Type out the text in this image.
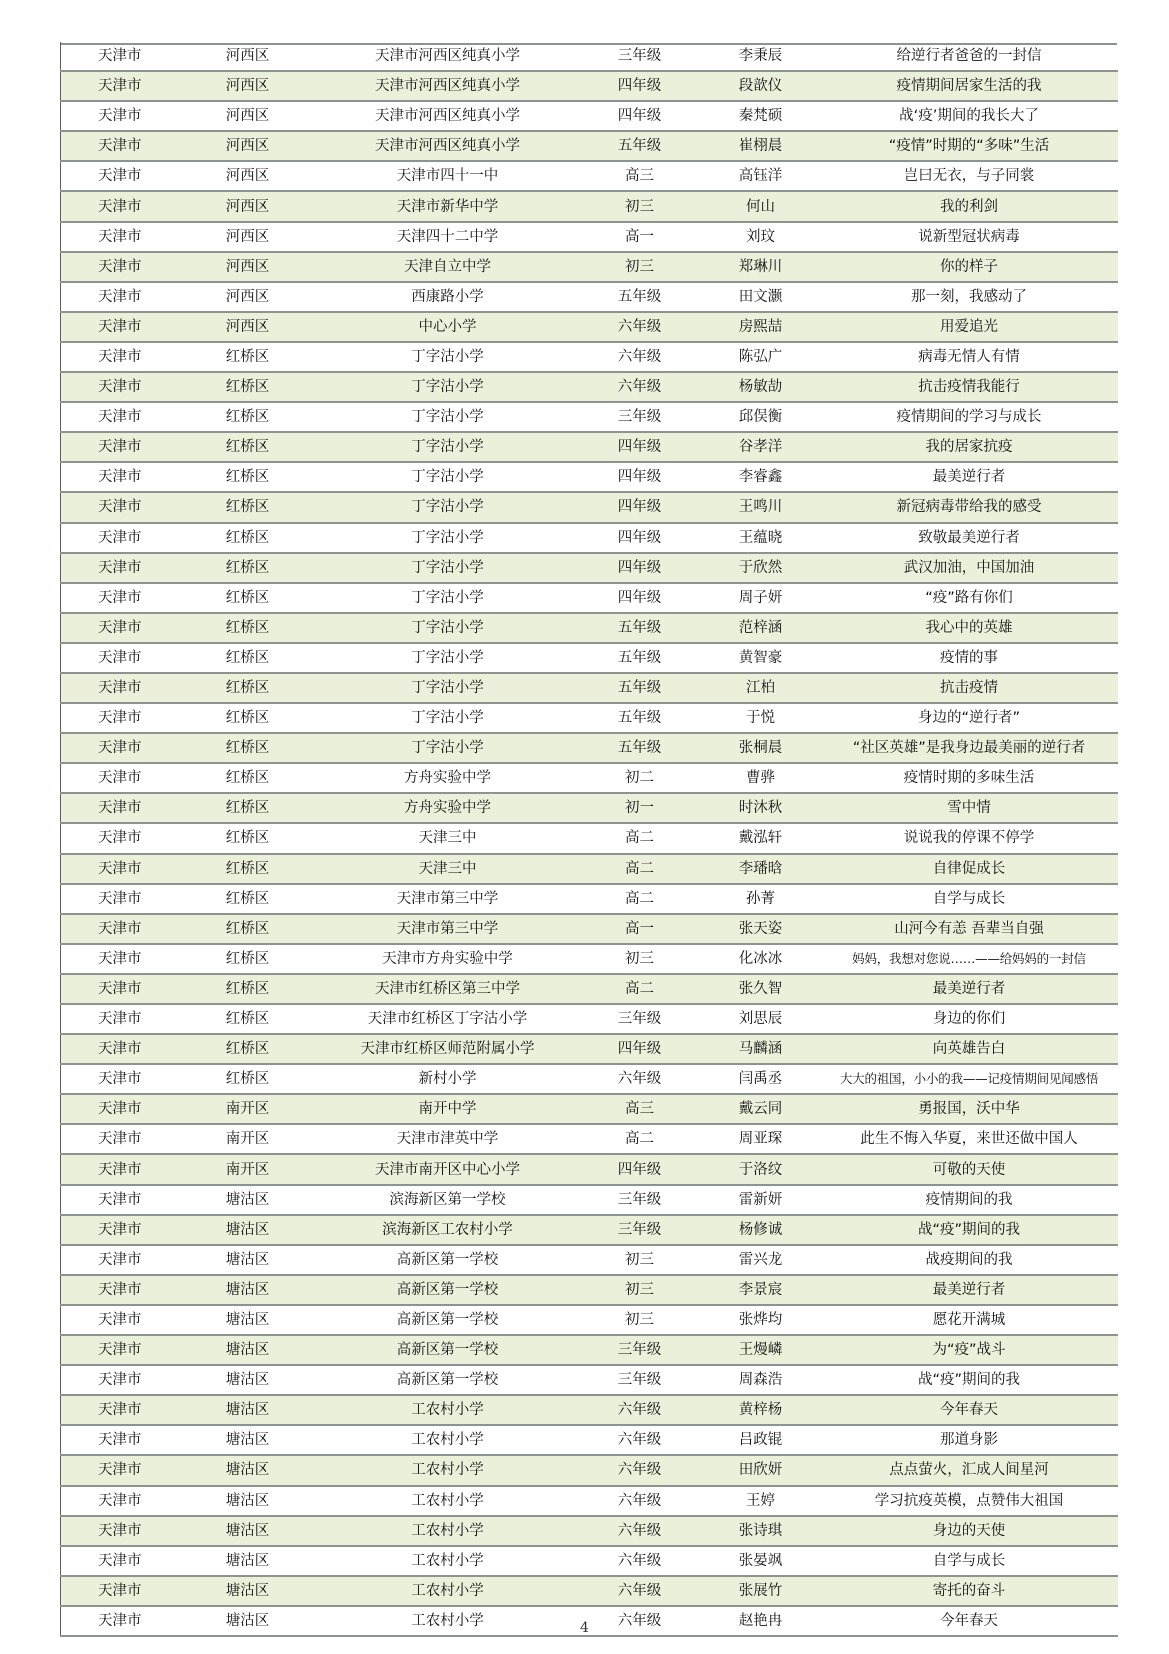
天津市	河西区	天津市河西区纯真小学	三年级	李秉辰	给逆行者爸爸的一封信
天津市	河西区	天津市河西区纯真小学	四年级	段歆仪	疫情期间居家生活的我
天津市	河西区	天津市河西区纯真小学	四年级	秦梵硕	战‘疫’期间的我长大了
天津市	河西区	天津市河西区纯真小学	五年级	崔栩晨	“疫情”时期的“多味”生活
天津市	河西区	天津市四十一中	高三	高钰洋	岂曰无衣，与子同裳
天津市	河西区	天津市新华中学	初三	何山	我的利剑
天津市	河西区	天津四十二中学	高一	刘玟	说新型冠状病毒
天津市	河西区	天津自立中学	初三	郑琳川	你的样子
天津市	河西区	西康路小学	五年级	田文灏	那一刻，我感动了
天津市	河西区	中心小学	六年级	房熙喆	用爱追光
天津市	红桥区	丁字沽小学	六年级	陈弘广	病毒无情人有情
天津市	红桥区	丁字沽小学	六年级	杨敏劼	抗击疫情我能行
天津市	红桥区	丁字沽小学	三年级	邱俣衡	疫情期间的学习与成长
天津市	红桥区	丁字沽小学	四年级	谷孝洋	我的居家抗疫
天津市	红桥区	丁字沽小学	四年级	李睿鑫	最美逆行者
天津市	红桥区	丁字沽小学	四年级	王鸣川	新冠病毒带给我的感受
天津市	红桥区	丁字沽小学	四年级	王蕴晓	致敬最美逆行者
天津市	红桥区	丁字沽小学	四年级	于欣然	武汉加油，中国加油
天津市	红桥区	丁字沽小学	四年级	周子妍	“疫”路有你们
天津市	红桥区	丁字沽小学	五年级	范梓涵	我心中的英雄
天津市	红桥区	丁字沽小学	五年级	黄智豪	疫情的事
天津市	红桥区	丁字沽小学	五年级	江柏	抗击疫情
天津市	红桥区	丁字沽小学	五年级	于悦	身边的“逆行者”
天津市	红桥区	丁字沽小学	五年级	张桐晨	“社区英雄”是我身边最美丽的逆行者
天津市	红桥区	方舟实验中学	初二	曹骅	疫情时期的多味生活
天津市	红桥区	方舟实验中学	初一	时沐秋	雪中情
天津市	红桥区	天津三中	高二	戴泓轩	说说我的停课不停学
天津市	红桥区	天津三中	高二	李璠晗	自律促成长
天津市	红桥区	天津市第三中学	高二	孙菁	自学与成长
天津市	红桥区	天津市第三中学	高一	张天姿	山河今有恙 吾辈当自强
天津市	红桥区	天津市方舟实验中学	初三	化冰冰	妈妈，我想对您说……——给妈妈的一封信
天津市	红桥区	天津市红桥区第三中学	高二	张久智	最美逆行者
天津市	红桥区	天津市红桥区丁字沽小学	三年级	刘思辰	身边的你们
天津市	红桥区	天津市红桥区师范附属小学	四年级	马麟涵	向英雄告白
天津市	红桥区	新村小学	六年级	闫禹丞	大大的祖国，小小的我——记疫情期间见闻感悟
天津市	南开区	南开中学	高三	戴云同	勇报国，沃中华
天津市	南开区	天津市津英中学	高二	周亚琛	此生不悔入华夏，来世还做中国人
天津市	南开区	天津市南开区中心小学	四年级	于洛纹	可敬的天使
天津市	塘沽区	滨海新区第一学校	三年级	雷新妍	疫情期间的我
天津市	塘沽区	滨海新区工农村小学	三年级	杨修诚	战“疫”期间的我
天津市	塘沽区	高新区第一学校	初三	雷兴龙	战疫期间的我
天津市	塘沽区	高新区第一学校	初三	李景宸	最美逆行者
天津市	塘沽区	高新区第一学校	初三	张烨均	愿花开满城
天津市	塘沽区	高新区第一学校	三年级	王熳嶙	为“疫”战斗
天津市	塘沽区	高新区第一学校	三年级	周森浩	战“疫”期间的我
天津市	塘沽区	工农村小学	六年级	黄梓杨	今年春天
天津市	塘沽区	工农村小学	六年级	吕政锟	那道身影
天津市	塘沽区	工农村小学	六年级	田欣妍	点点萤火，汇成人间星河
天津市	塘沽区	工农村小学	六年级	王婷	学习抗疫英模，点赞伟大祖国
天津市	塘沽区	工农村小学	六年级	张诗琪	身边的天使
天津市	塘沽区	工农村小学	六年级	张晏飒	自学与成长
天津市	塘沽区	工农村小学	六年级	张展竹	寄托的奋斗
天津市	塘沽区	工农村小学	六年级	赵艳冉	今年春天
4
